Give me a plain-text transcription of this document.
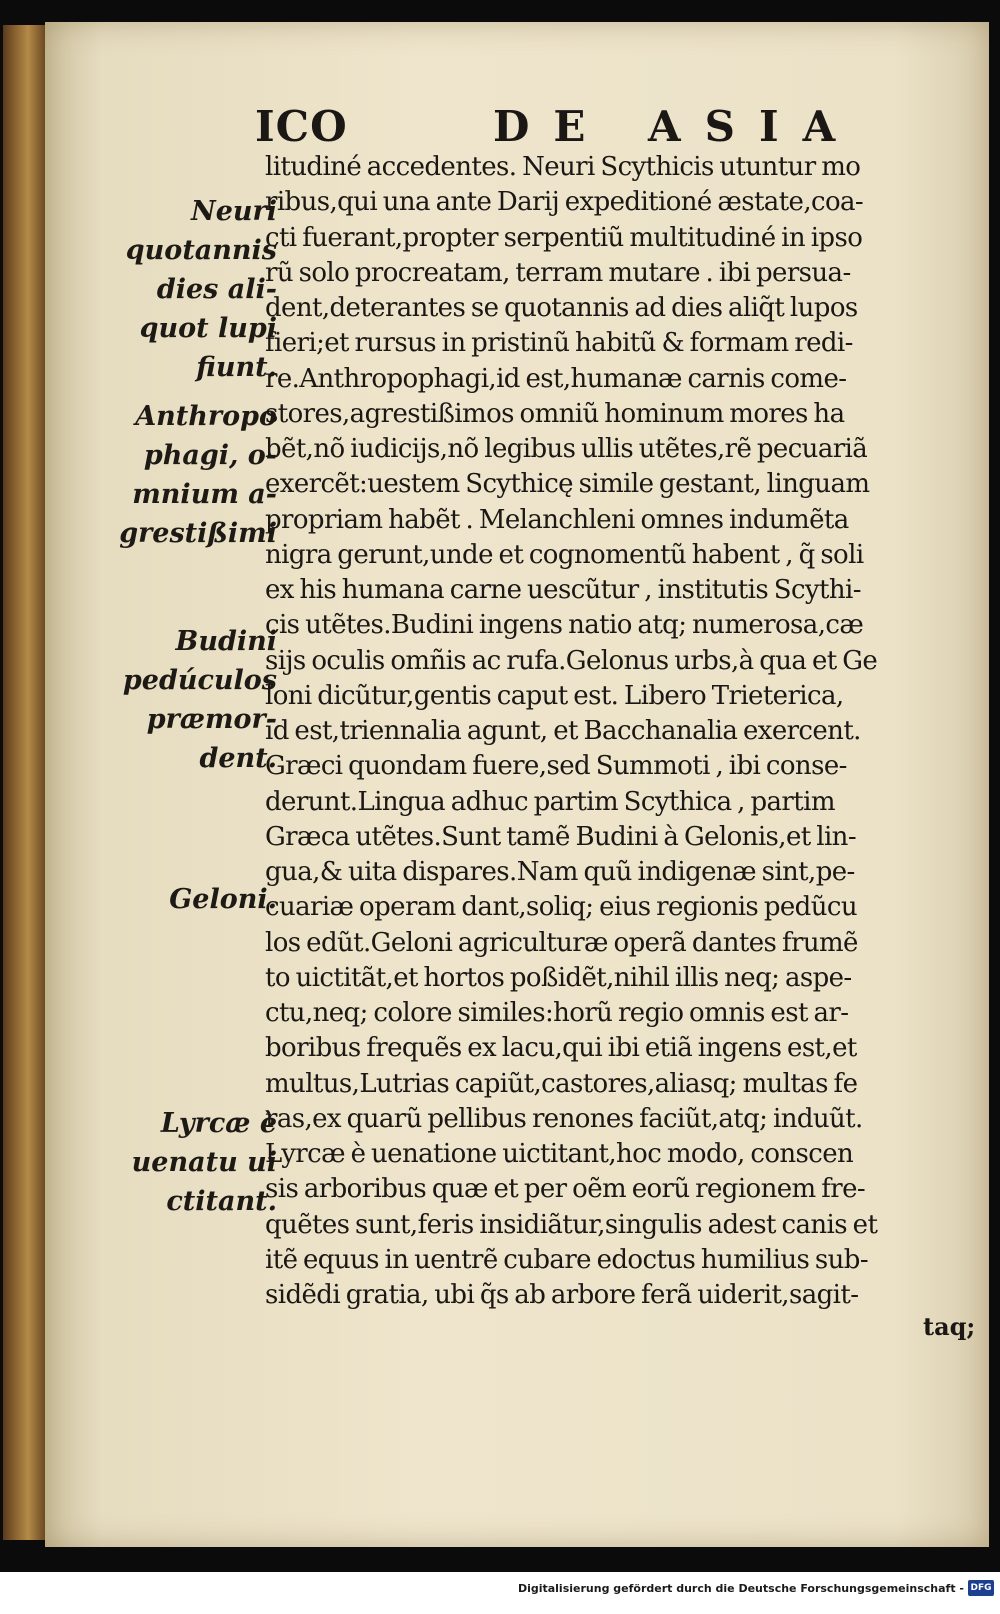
ICO	DE ASIA

Neuri
quotannis
dies ali-
quot lupi
fiunt.

Anthropo
phagi, o-
mnium a-
grestißimi

Budini
pedúculos
præmor-
dent.

Geloni.

Lyrcæ è
uenatu ui
ctitant.

litudiné accedentes. Neuri Scythicis utuntur mo
ribus,qui una ante Darij expeditioné æstate,coa-
cti fuerant,propter serpentiũ multitudiné in ipso
rũ solo procreatam, terram mutare . ibi persua-
dent,deterantes se quotannis ad dies aliq̃t lupos
fieri;et rursus in pristinũ habitũ & formam redi-
re.Anthropophagi,id est,humanæ carnis come-
stores,agrestißimos omniũ hominum mores ha
bẽt,nõ iudicijs,nõ legibus ullis utẽtes,rẽ pecuariã
exercẽt:uestem Scythicę simile gestant, linguam
propriam habẽt . Melanchleni omnes indumẽta
nigra gerunt,unde et cognomentũ habent , q̃ soli
ex his humana carne uescũtur , institutis Scythi-
cis utẽtes.Budini ingens natio atq; numerosa,cæ
sijs oculis omñis ac rufa.Gelonus urbs,à qua et Ge
loni dicũtur,gentis caput est. Libero Trieterica,
id est,triennalia agunt, et Bacchanalia exercent.
Græci quondam fuere,sed Summoti , ibi conse-
derunt.Lingua adhuc partim Scythica , partim
Græca utẽtes.Sunt tamẽ Budini à Gelonis,et lin-
gua,& uita dispares.Nam quũ indigenæ sint,pe-
cuariæ operam dant,soliq; eius regionis pedũcu
los edũt.Geloni agriculturæ operã dantes frumẽ
to uictitãt,et hortos poßidẽt,nihil illis neq; aspe-
ctu,neq; colore similes:horũ regio omnis est ar-
boribus frequẽs ex lacu,qui ibi etiã ingens est,et
multus,Lutrias capiũt,castores,aliasq; multas fe
ras,ex quarũ pellibus renones faciũt,atq; induũt.
Lyrcæ è uenatione uictitant,hoc modo, conscen
sis arboribus quæ et per oẽm eorũ regionem fre-
quẽtes sunt,feris insidiãtur,singulis adest canis et
itẽ equus in uentrẽ cubare edoctus humilius sub-
sidẽdi gratia, ubi q̃s ab arbore ferã uiderit,sagit-
taq;
Digitalisierung gefördert durch die Deutsche Forschungsgemeinschaft - DFG
